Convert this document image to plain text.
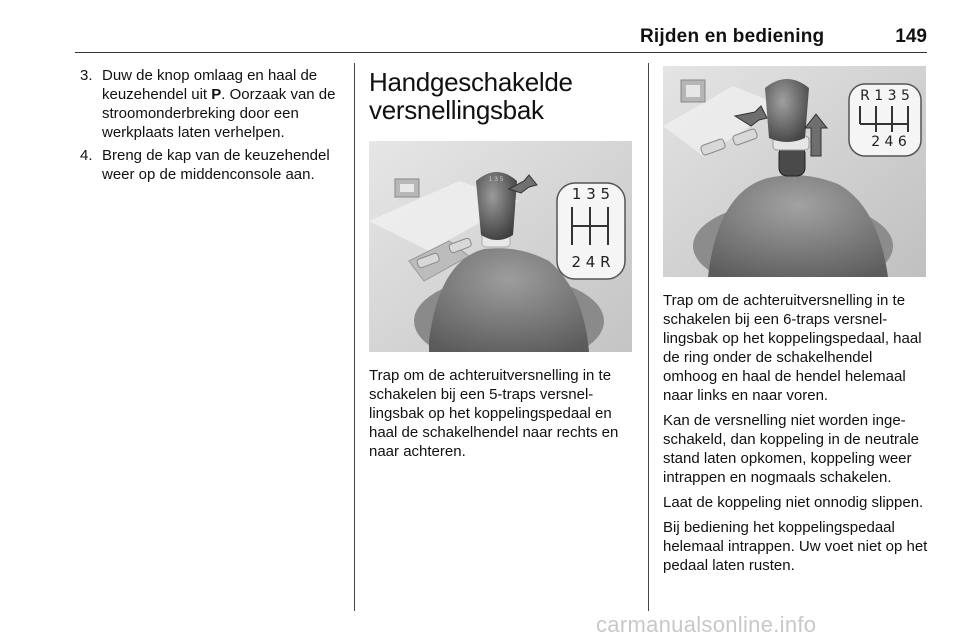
Rijden en bediening	149
3. Duw de knop omlaag en haal de keuzehendel uit P. Oorzaak van de stroomonderbreking door een werkplaats laten verhelpen.
4. Breng de kap van de keuzehendel weer op de middenconsole aan.
Handgeschakelde
versnellingsbak
1 3 5
1 3 5
2 4 R
Trap om de achteruitversnelling in te schakelen bij een 5-traps versnellingsbak op het koppelingspedaal en haal de schakelhendel naar rechts en naar achteren.
R 1 3 5
2 4 6

Trap om de achteruitversnelling in te schakelen bij een 6-traps versnellingsbak op het koppelingspedaal, haal de ring onder de schakelhendel omhoog en haal de hendel helemaal naar links en naar voren.

Kan de versnelling niet worden ingeschakeld, dan koppeling in de neutrale stand laten opkomen, koppeling weer intrappen en nogmaals schakelen.

Laat de koppeling niet onnodig slippen.

Bij bediening het koppelingspedaal helemaal intrappen. Uw voet niet op het pedaal laten rusten.

carmanualsonline.info
